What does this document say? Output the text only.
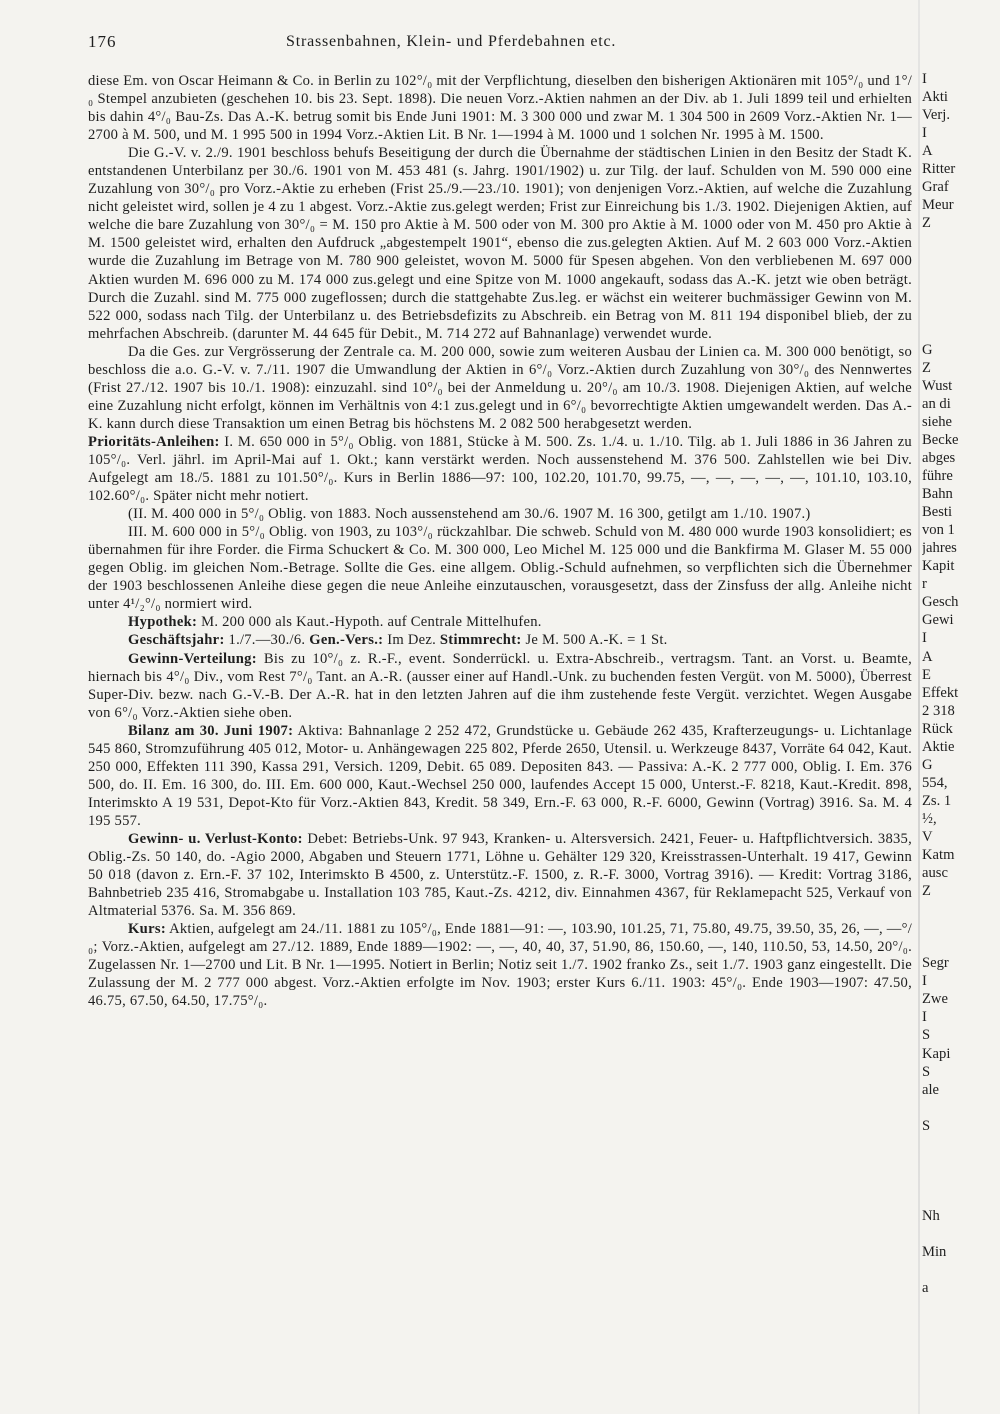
176	Strassenbahnen, Klein- und Pferdebahnen etc.

diese Em. von Oscar Heimann & Co. in Berlin zu 102°/₀ mit der Verpflichtung, dieselben den bisherigen Aktionären mit 105°/₀ und 1°/₀ Stempel anzubieten (geschehen 10. bis 23. Sept. 1898). Die neuen Vorz.-Aktien nahmen an der Div. ab 1. Juli 1899 teil und erhielten bis dahin 4°/₀ Bau-Zs. Das A.-K. betrug somit bis Ende Juni 1901: M. 3 300 000 und zwar M. 1 304 500 in 2609 Vorz.-Aktien Nr. 1—2700 à M. 500, und M. 1 995 500 in 1994 Vorz.-Aktien Lit. B Nr. 1—1994 à M. 1000 und 1 solchen Nr. 1995 à M. 1500.

Die G.-V. v. 2./9. 1901 beschloss behufs Beseitigung der durch die Übernahme der städtischen Linien in den Besitz der Stadt K. entstandenen Unterbilanz per 30./6. 1901 von M. 453 481 (s. Jahrg. 1901/1902) u. zur Tilg. der lauf. Schulden von M. 590 000 eine Zuzahlung von 30°/₀ pro Vorz.-Aktie zu erheben (Frist 25./9.—23./10. 1901); von denjenigen Vorz.-Aktien, auf welche die Zuzahlung nicht geleistet wird, sollen je 4 zu 1 abgest. Vorz.-Aktie zus.gelegt werden; Frist zur Einreichung bis 1./3. 1902. Diejenigen Aktien, auf welche die bare Zuzahlung von 30°/₀ = M. 150 pro Aktie à M. 500 oder von M. 300 pro Aktie à M. 1000 oder von M. 450 pro Aktie à M. 1500 geleistet wird, erhalten den Aufdruck „abgestempelt 1901“, ebenso die zus.gelegten Aktien. Auf M. 2 603 000 Vorz.-Aktien wurde die Zuzahlung im Betrage von M. 780 900 geleistet, wovon M. 5000 für Spesen abgehen. Von den verbliebenen M. 697 000 Aktien wurden M. 696 000 zu M. 174 000 zus.gelegt und eine Spitze von M. 1000 angekauft, sodass das A.-K. jetzt wie oben beträgt. Durch die Zuzahl. sind M. 775 000 zugeflossen; durch die stattgehabte Zus.leg. er wächst ein weiterer buchmässiger Gewinn von M. 522 000, sodass nach Tilg. der Unterbilanz u. des Betriebsdefizits zu Abschreib. ein Betrag von M. 811 194 disponibel blieb, der zu mehrfachen Abschreib. (darunter M. 44 645 für Debit., M. 714 272 auf Bahnanlage) verwendet wurde.

Da die Ges. zur Vergrösserung der Zentrale ca. M. 200 000, sowie zum weiteren Ausbau der Linien ca. M. 300 000 benötigt, so beschloss die a.o. G.-V. v. 7./11. 1907 die Umwandlung der Aktien in 6°/₀ Vorz.-Aktien durch Zuzahlung von 30°/₀ des Nennwertes (Frist 27./12. 1907 bis 10./1. 1908): einzuzahl. sind 10°/₀ bei der Anmeldung u. 20°/₀ am 10./3. 1908. Diejenigen Aktien, auf welche eine Zuzahlung nicht erfolgt, können im Verhältnis von 4:1 zus.gelegt und in 6°/₀ bevorrechtigte Aktien umgewandelt werden. Das A.-K. kann durch diese Transaktion um einen Betrag bis höchstens M. 2 082 500 herabgesetzt werden.

Prioritäts-Anleihen: I. M. 650 000 in 5°/₀ Oblig. von 1881, Stücke à M. 500. Zs. 1./4. u. 1./10. Tilg. ab 1. Juli 1886 in 36 Jahren zu 105°/₀. Verl. jährl. im April-Mai auf 1. Okt.; kann verstärkt werden. Noch aussenstehend M. 376 500. Zahlstellen wie bei Div. Aufgelegt am 18./5. 1881 zu 101.50°/₀. Kurs in Berlin 1886—97: 100, 102.20, 101.70, 99.75, —, —, —, —, —, 101.10, 103.10, 102.60°/₀. Später nicht mehr notiert.

(II. M. 400 000 in 5°/₀ Oblig. von 1883. Noch aussenstehend am 30./6. 1907 M. 16 300, getilgt am 1./10. 1907.)

III. M. 600 000 in 5°/₀ Oblig. von 1903, zu 103°/₀ rückzahlbar. Die schweb. Schuld von M. 480 000 wurde 1903 konsolidiert; es übernahmen für ihre Forder. die Firma Schuckert & Co. M. 300 000, Leo Michel M. 125 000 und die Bankfirma M. Glaser M. 55 000 gegen Oblig. im gleichen Nom.-Betrage. Sollte die Ges. eine allgem. Oblig.-Schuld aufnehmen, so verpflichten sich die Übernehmer der 1903 beschlossenen Anleihe diese gegen die neue Anleihe einzutauschen, vorausgesetzt, dass der Zinsfuss der allg. Anleihe nicht unter 4¹/₂°/₀ normiert wird.

Hypothek: M. 200 000 als Kaut.-Hypoth. auf Centrale Mittelhufen.

Geschäftsjahr: 1./7.—30./6. Gen.-Vers.: Im Dez. Stimmrecht: Je M. 500 A.-K. = 1 St.

Gewinn-Verteilung: Bis zu 10°/₀ z. R.-F., event. Sonderrückl. u. Extra-Abschreib., vertragsm. Tant. an Vorst. u. Beamte, hiernach bis 4°/₀ Div., vom Rest 7°/₀ Tant. an A.-R. (ausser einer auf Handl.-Unk. zu buchenden festen Vergüt. von M. 5000), Überrest Super-Div. bezw. nach G.-V.-B. Der A.-R. hat in den letzten Jahren auf die ihm zustehende feste Vergüt. verzichtet. Wegen Ausgabe von 6°/₀ Vorz.-Aktien siehe oben.

Bilanz am 30. Juni 1907: Aktiva: Bahnanlage 2 252 472, Grundstücke u. Gebäude 262 435, Krafterzeugungs- u. Lichtanlage 545 860, Stromzuführung 405 012, Motor- u. Anhängewagen 225 802, Pferde 2650, Utensil. u. Werkzeuge 8437, Vorräte 64 042, Kaut. 250 000, Effekten 111 390, Kassa 291, Versich. 1209, Debit. 65 089. Depositen 843. — Passiva: A.-K. 2 777 000, Oblig. I. Em. 376 500, do. II. Em. 16 300, do. III. Em. 600 000, Kaut.-Wechsel 250 000, laufendes Accept 15 000, Unterst.-F. 8218, Kaut.-Kredit. 898, Interimskto A 19 531, Depot-Kto für Vorz.-Aktien 843, Kredit. 58 349, Ern.-F. 63 000, R.-F. 6000, Gewinn (Vortrag) 3916. Sa. M. 4 195 557.

Gewinn- u. Verlust-Konto: Debet: Betriebs-Unk. 97 943, Kranken- u. Altersversich. 2421, Feuer- u. Haftpflichtversich. 3835, Oblig.-Zs. 50 140, do. -Agio 2000, Abgaben und Steuern 1771, Löhne u. Gehälter 129 320, Kreisstrassen-Unterhalt. 19 417, Gewinn 50 018 (davon z. Ern.-F. 37 102, Interimskto B 4500, z. Unterstütz.-F. 1500, z. R.-F. 3000, Vortrag 3916). — Kredit: Vortrag 3186, Bahnbetrieb 235 416, Stromabgabe u. Installation 103 785, Kaut.-Zs. 4212, div. Einnahmen 4367, für Reklamepacht 525, Verkauf von Altmaterial 5376. Sa. M. 356 869.

Kurs: Aktien, aufgelegt am 24./11. 1881 zu 105°/₀, Ende 1881—91: —, 103.90, 101.25, 71, 75.80, 49.75, 39.50, 35, 26, —, —°/₀; Vorz.-Aktien, aufgelegt am 27./12. 1889, Ende 1889—1902: —, —, 40, 40, 37, 51.90, 86, 150.60, —, 140, 110.50, 53, 14.50, 20°/₀. Zugelassen Nr. 1—2700 und Lit. B Nr. 1—1995. Notiert in Berlin; Notiz seit 1./7. 1902 franko Zs., seit 1./7. 1903 ganz eingestellt. Die Zulassung der M. 2 777 000 abgest. Vorz.-Aktien erfolgte im Nov. 1903; erster Kurs 6./11. 1903: 45°/₀. Ende 1903—1907: 47.50, 46.75, 67.50, 64.50, 17.75°/₀.

I
Akti
Verj.
I
A
Ritter
Graf
Meur
Z
G
Z
Wust
an di
siehe
Becke
abges
führe
Bahn
Besti
von 1
jahres
Kapit
r
Gesch
Gewi
I
A
E
Effekt
2 318
Rück
Aktie
G
554,
Zs. 1
½,
V
Katm
ausc
Z
Segr
I
Zwe
I
S
Kapi
S
ale
S
Nh
Min
a
